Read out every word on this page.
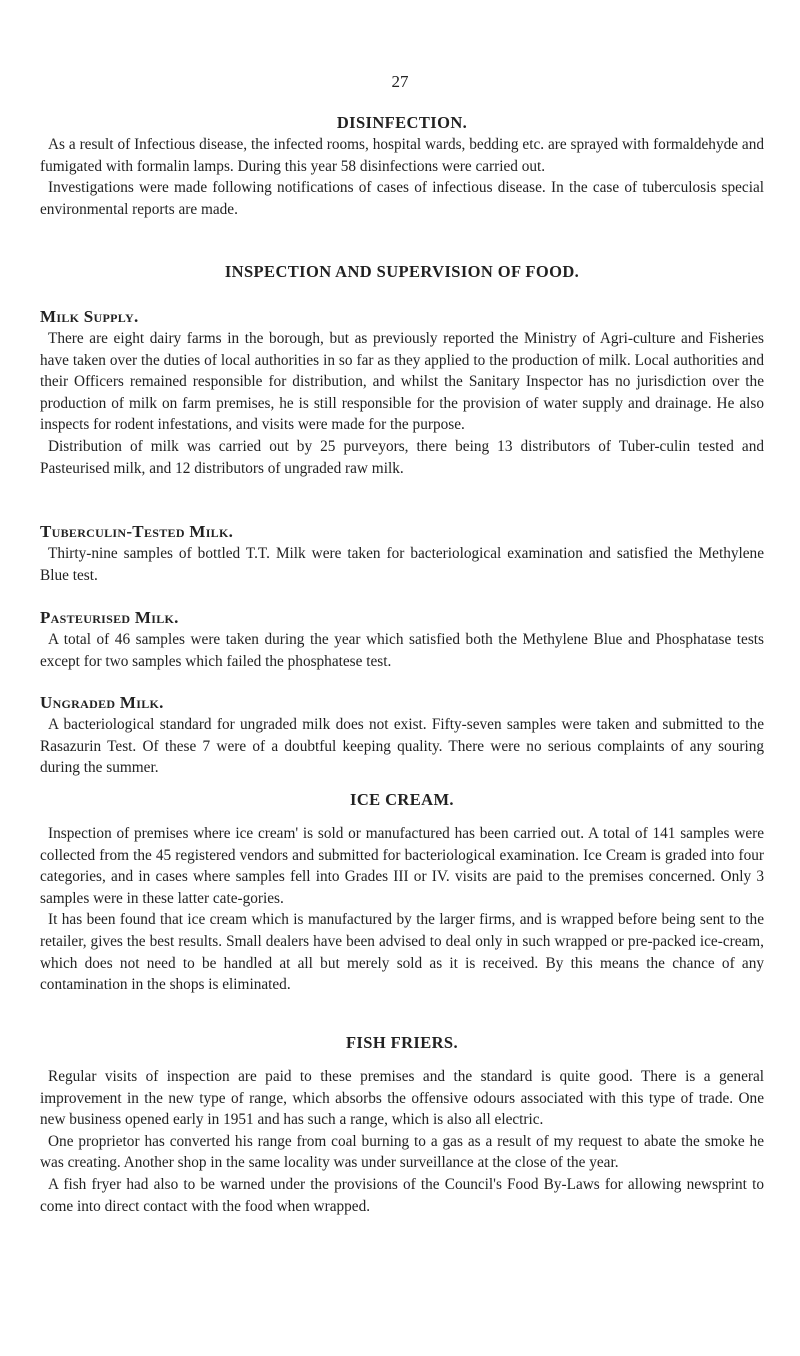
27
DISINFECTION.

As a result of Infectious disease, the infected rooms, hospital wards, bedding etc. are sprayed with formaldehyde and fumigated with formalin lamps. During this year 58 disinfections were carried out.

Investigations were made following notifications of cases of infectious disease. In the case of tuberculosis special environmental reports are made.

INSPECTION AND SUPERVISION OF FOOD.
Milk Supply.

There are eight dairy farms in the borough, but as previously reported the Ministry of Agri-culture and Fisheries have taken over the duties of local authorities in so far as they applied to the production of milk. Local authorities and their Officers remained responsible for distribution, and whilst the Sanitary Inspector has no jurisdiction over the production of milk on farm premises, he is still responsible for the provision of water supply and drainage. He also inspects for rodent infestations, and visits were made for the purpose.

Distribution of milk was carried out by 25 purveyors, there being 13 distributors of Tuber-culin tested and Pasteurised milk, and 12 distributors of ungraded raw milk.

Tuberculin-Tested Milk.

Thirty-nine samples of bottled T.T. Milk were taken for bacteriological examination and satisfied the Methylene Blue test.

Pasteurised Milk.

A total of 46 samples were taken during the year which satisfied both the Methylene Blue and Phosphatase tests except for two samples which failed the phosphatese test.

Ungraded Milk.

A bacteriological standard for ungraded milk does not exist. Fifty-seven samples were taken and submitted to the Rasazurin Test. Of these 7 were of a doubtful keeping quality. There were no serious complaints of any souring during the summer.

ICE CREAM.

Inspection of premises where ice cream' is sold or manufactured has been carried out. A total of 141 samples were collected from the 45 registered vendors and submitted for bacteriological examination. Ice Cream is graded into four categories, and in cases where samples fell into Grades III or IV. visits are paid to the premises concerned. Only 3 samples were in these latter cate-gories.

It has been found that ice cream which is manufactured by the larger firms, and is wrapped before being sent to the retailer, gives the best results. Small dealers have been advised to deal only in such wrapped or pre-packed ice-cream, which does not need to be handled at all but merely sold as it is received. By this means the chance of any contamination in the shops is eliminated.

FISH FRIERS.

Regular visits of inspection are paid to these premises and the standard is quite good. There is a general improvement in the new type of range, which absorbs the offensive odours associated with this type of trade. One new business opened early in 1951 and has such a range, which is also all electric.

One proprietor has converted his range from coal burning to a gas as a result of my request to abate the smoke he was creating. Another shop in the same locality was under surveillance at the close of the year.

A fish fryer had also to be warned under the provisions of the Council's Food By-Laws for allowing newsprint to come into direct contact with the food when wrapped.
